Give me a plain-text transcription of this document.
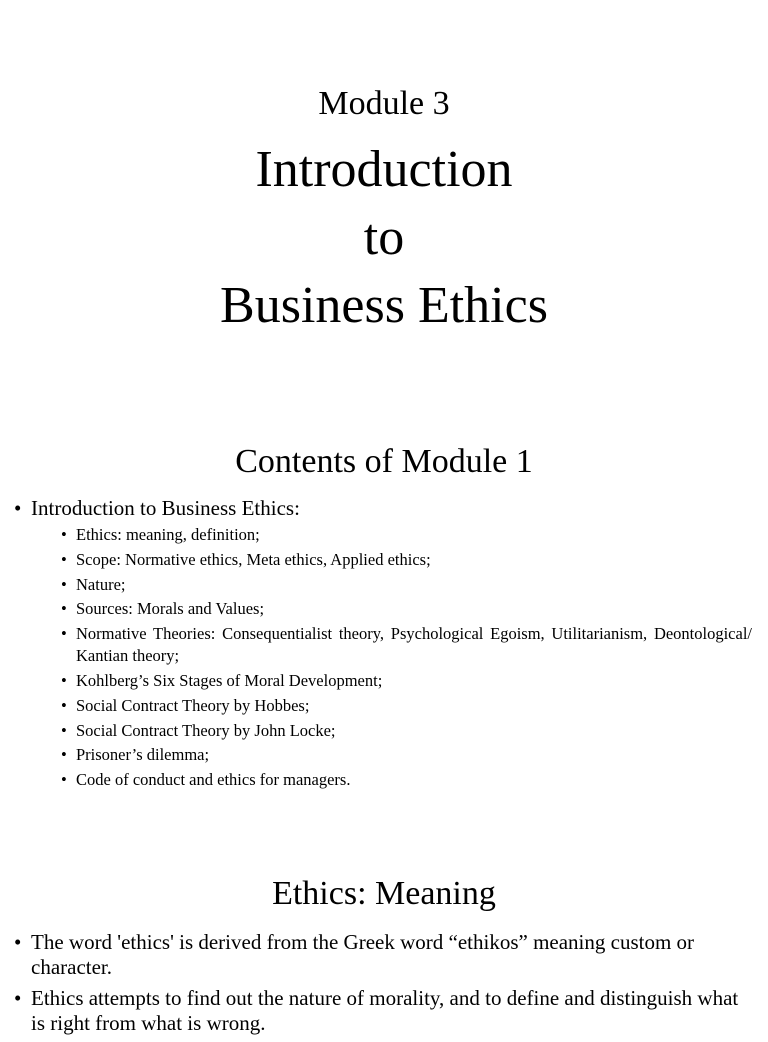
Module 3
Introduction
to
Business Ethics
Contents of Module 1
• Introduction to Business Ethics:
• Ethics: meaning, definition;
• Scope: Normative ethics, Meta ethics, Applied ethics;
• Nature;
• Sources: Morals and Values;
• Normative Theories: Consequentialist theory, Psychological Egoism, Utilitarianism, Deontological/ Kantian theory;
• Kohlberg’s Six Stages of Moral Development;
• Social Contract Theory by Hobbes;
• Social Contract Theory by John Locke;
• Prisoner’s dilemma;
• Code of conduct and ethics for managers.
Ethics: Meaning
• The word 'ethics' is derived from the Greek word “ethikos” meaning custom or character.
• Ethics attempts to find out the nature of morality, and to define and distinguish what is right from what is wrong.
